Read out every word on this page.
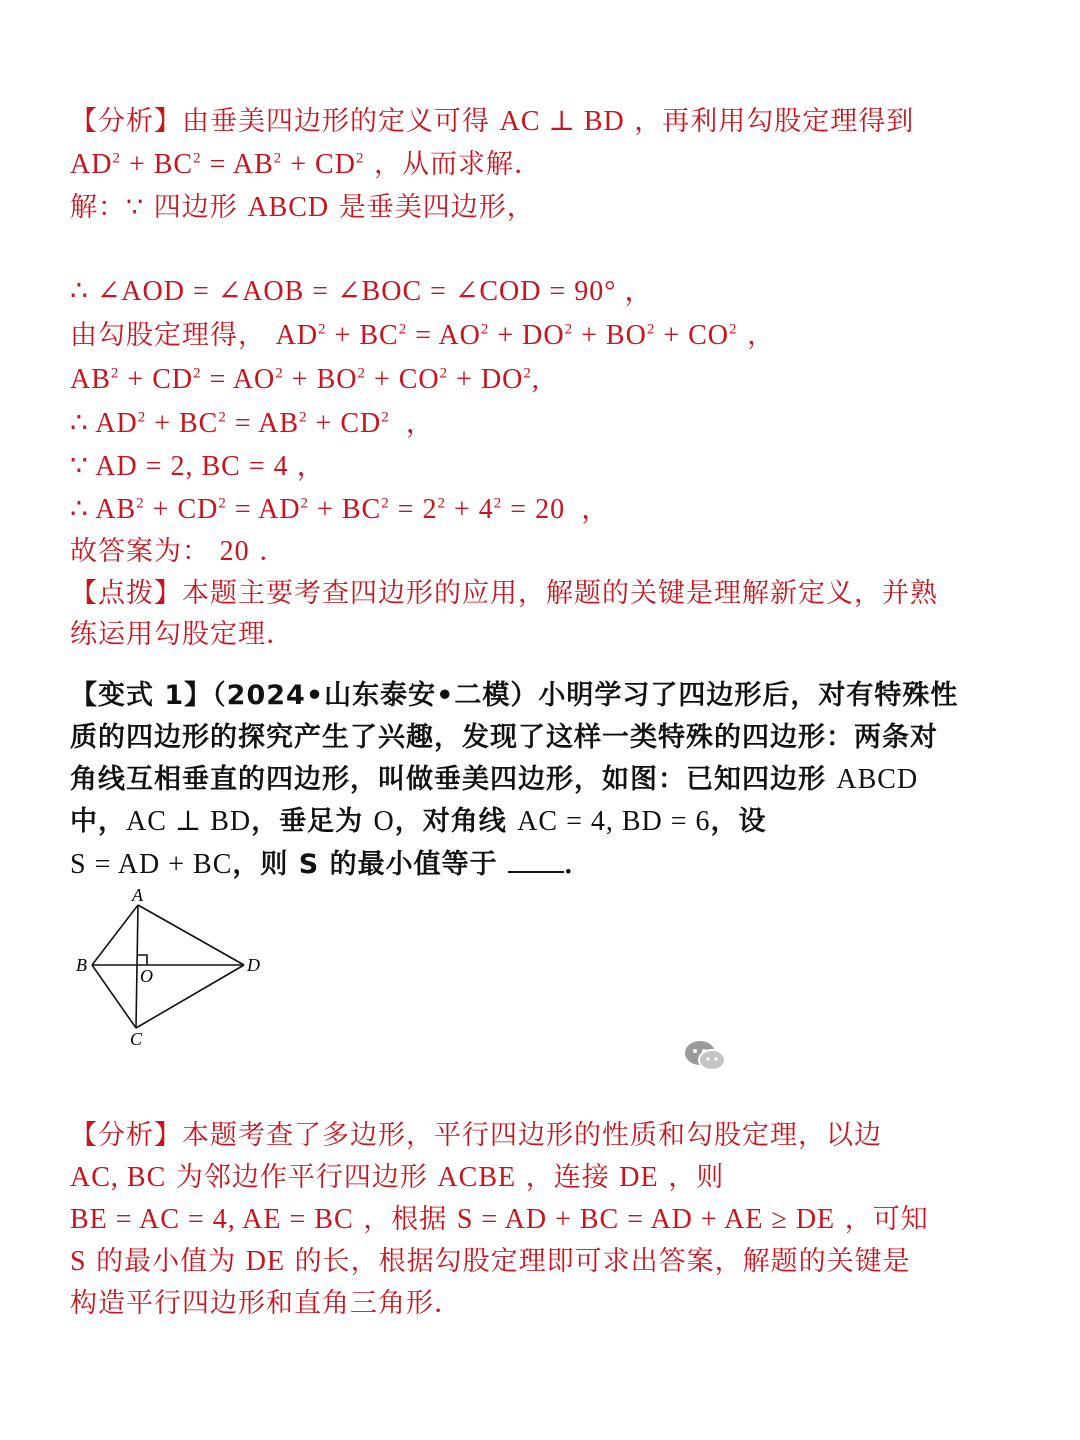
【分析】由垂美四边形的定义可得 AC ⊥ BD ，再利用勾股定理得到
$AD^2 + BC^2 = AB^2 + CD^2$ ，从而求解．
解：∵ 四边形 ABCD 是垂美四边形，
∴ ∠AOD = ∠AOB = ∠BOC = ∠COD = 90° ，
由勾股定理得， $AD^2 + BC^2 = AO^2 + DO^2 + BO^2 + CO^2$ ，
$AB^2 + CD^2 = AO^2 + BO^2 + CO^2 + DO^2$,
∴ $AD^2 + BC^2 = AB^2 + CD^2$  ，
∵ AD = 2, BC = 4 ，
∴ $AB^2 + CD^2 = AD^2 + BC^2 = 2^2 + 4^2 = 20$  ，
故答案为： 20 ．
【点拨】本题主要考查四边形的应用，解题的关键是理解新定义，并熟
练运用勾股定理．
【变式 1】（2024•山东泰安•二模）小明学习了四边形后，对有特殊性
质的四边形的探究产生了兴趣，发现了这样一类特殊的四边形：两条对
角线互相垂直的四边形，叫做垂美四边形，如图：已知四边形 ABCD
中，AC ⊥ BD，垂足为 O，对角线 AC = 4, BD = 6，设
S = AD + BC，则 S 的最小值等于 ．
A
B
C
D
O
【分析】本题考查了多边形，平行四边形的性质和勾股定理，以边
AC, BC 为邻边作平行四边形 ACBE ，连接 DE ，则
BE = AC = 4, AE = BC ，根据 S = AD + BC = AD + AE ≥ DE ，可知
S 的最小值为 DE 的长，根据勾股定理即可求出答案，解题的关键是
构造平行四边形和直角三角形．
